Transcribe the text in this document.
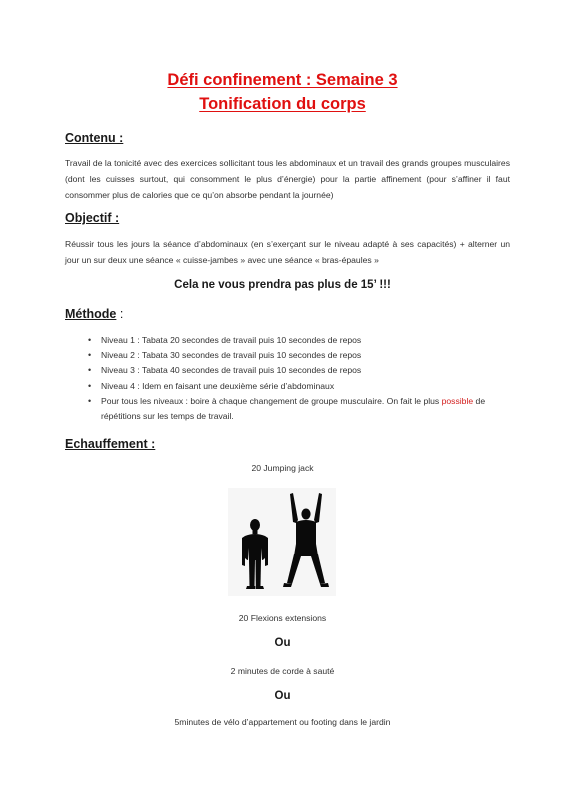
Défi confinement : Semaine 3
Tonification du corps
Contenu :
Travail de la tonicité avec des exercices sollicitant tous les abdominaux et un travail des grands groupes musculaires (dont les cuisses surtout, qui consomment le plus d’énergie) pour la partie affinement (pour s’affiner il faut consommer plus de calories que ce qu’on absorbe pendant la journée)
Objectif :
Réussir tous les jours la séance d’abdominaux (en s’exerçant sur le niveau adapté à ses capacités) + alterner un jour un sur deux une séance « cuisse-jambes » avec une séance « bras-épaules »
Cela ne vous prendra pas plus de 15’ !!!
Méthode :
• Niveau 1 : Tabata 20 secondes de travail puis 10 secondes de repos
• Niveau 2 : Tabata 30 secondes de travail puis 10 secondes de repos
• Niveau 3 : Tabata 40 secondes de travail puis 10 secondes de repos
• Niveau 4 : Idem en faisant une deuxième série d’abdominaux
• Pour tous les niveaux : boire à chaque changement de groupe musculaire. On fait le plus possible de répétitions sur les temps de travail.
Echauffement :
20 Jumping jack
20 Flexions extensions
Ou
2 minutes de corde à sauté
Ou
5minutes de vélo d’appartement ou footing dans le jardin
